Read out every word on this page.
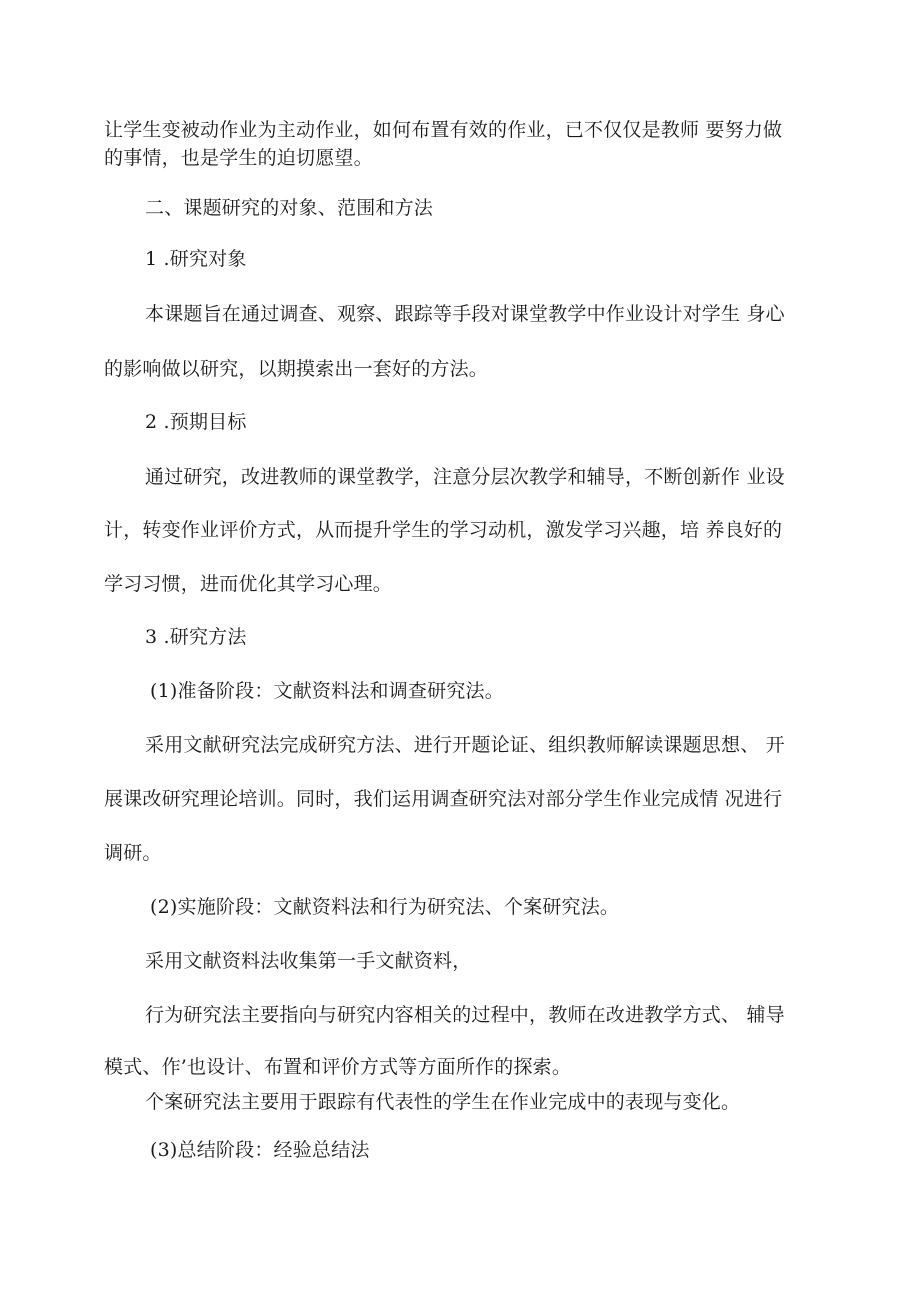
让学生变被动作业为主动作业，如何布置有效的作业，已不仅仅是教师 要努力做
的事情，也是学生的迫切愿望。
二、课题研究的对象、范围和方法
1 .研究对象
本课题旨在通过调查、观察、跟踪等手段对课堂教学中作业设计对学生 身心
的影响做以研究，以期摸索出一套好的方法。
2 .预期目标
通过研究，改进教师的课堂教学，注意分层次教学和辅导，不断创新作 业设
计，转变作业评价方式，从而提升学生的学习动机，激发学习兴趣，培 养良好的
学习习惯，进而优化其学习心理。
3 .研究方法
(1)准备阶段：文献资料法和调查研究法。
采用文献研究法完成研究方法、进行开题论证、组织教师解读课题思想、 开
展课改研究理论培训。同时，我们运用调查研究法对部分学生作业完成情 况进行
调研。
(2)实施阶段：文献资料法和行为研究法、个案研究法。
采用文献资料法收集第一手文献资料，
行为研究法主要指向与研究内容相关的过程中，教师在改进教学方式、 辅导
模式、作’也设计、布置和评价方式等方面所作的探索。
个案研究法主要用于跟踪有代表性的学生在作业完成中的表现与变化。
(3)总结阶段：经验总结法
